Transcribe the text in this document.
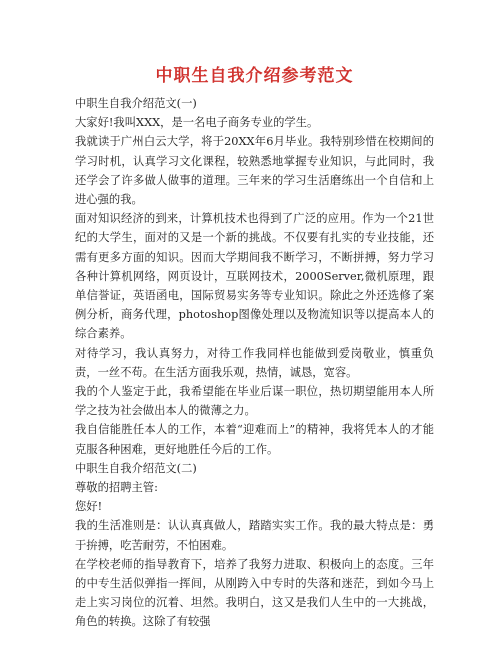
中职生自我介绍参考范文

中职生自我介绍范文(一)

大家好!我叫XXX，是一名电子商务专业的学生。

我就读于广州白云大学，将于20XX年6月毕业。我特别珍惜在校期间的学习时机，认真学习文化课程，较熟悉地掌握专业知识，与此同时，我还学会了许多做人做事的道理。三年来的学习生活磨练出一个自信和上进心强的我。

面对知识经济的到来，计算机技术也得到了广泛的应用。作为一个21世纪的大学生，面对的又是一个新的挑战。不仅要有扎实的专业技能，还需有更多方面的知识。因而大学期间我不断学习，不断拼搏，努力学习各种计算机网络，网页设计，互联网技术，2000Server,微机原理，跟单信誉证，英语函电，国际贸易实务等专业知识。除此之外还选修了案例分析，商务代理，photoshop图像处理以及物流知识等以提高本人的综合素养。

对待学习，我认真努力，对待工作我同样也能做到爱岗敬业，慎重负责，一丝不苟。在生活方面我乐观，热情，诚恳，宽容。

我的个人鉴定于此，我希望能在毕业后谋一职位，热切期望能用本人所学之技为社会做出本人的微薄之力。

我自信能胜任本人的工作，本着“迎难而上”的精神，我将凭本人的才能克服各种困难，更好地胜任今后的工作。

中职生自我介绍范文(二)

尊敬的招聘主管:

您好!

我的生活准则是：认认真真做人，踏踏实实工作。我的最大特点是：勇于拚搏，吃苦耐劳，不怕困难。

在学校老师的指导教育下，培养了我努力进取、积极向上的态度。三年的中专生活似弹指一挥间，从刚跨入中专时的失落和迷茫，到如今马上走上实习岗位的沉着、坦然。我明白，这又是我们人生中的一大挑战，角色的转换。这除了有较强
